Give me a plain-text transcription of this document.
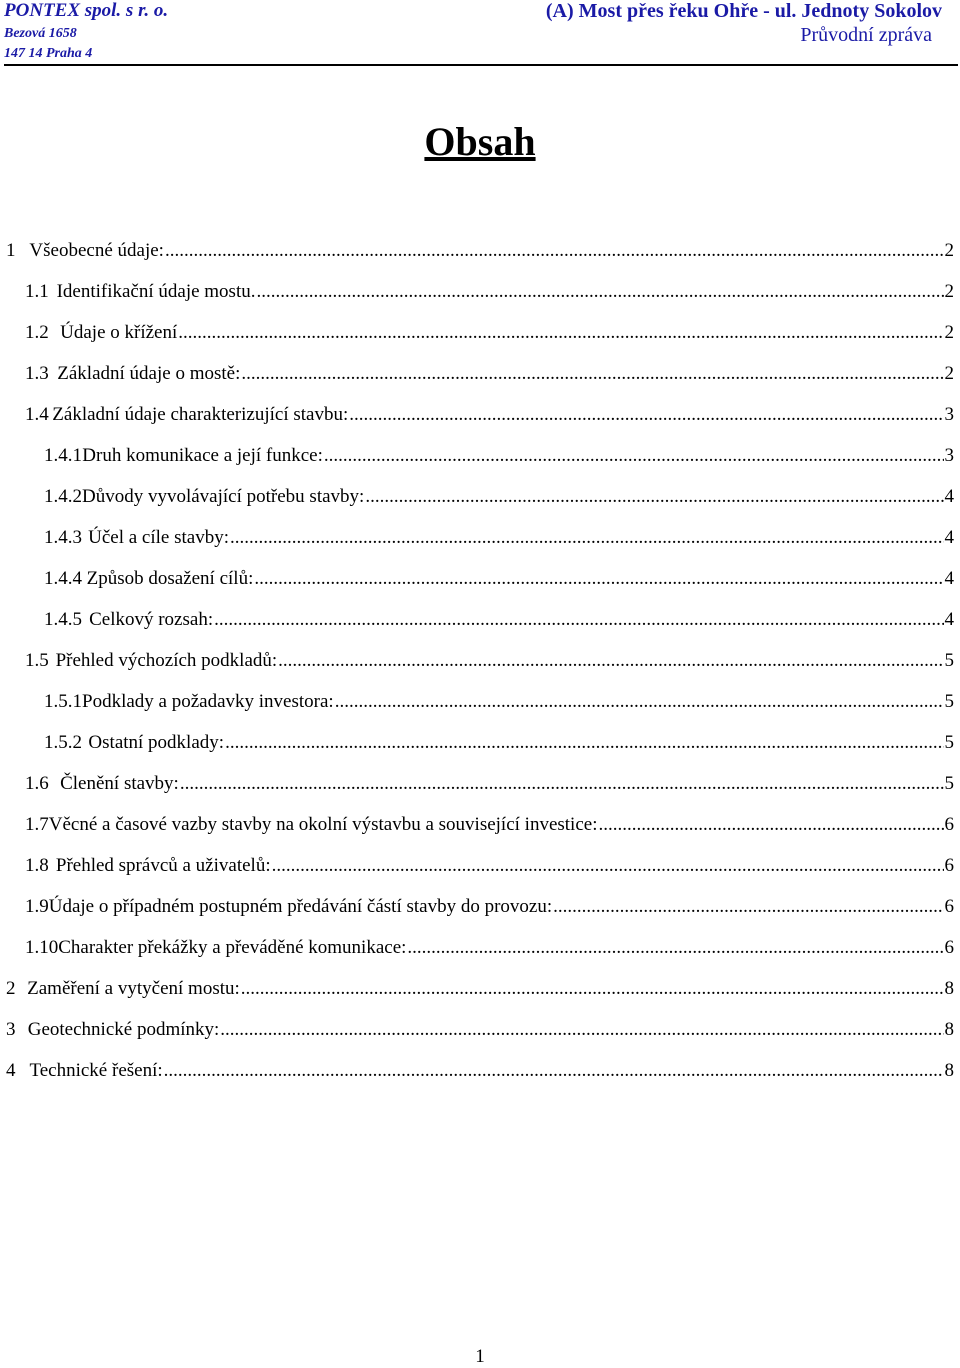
PONTEX spol. s r. o.
Bezová 1658
147 14 Praha 4
(A) Most přes řeku Ohře - ul. Jednoty Sokolov
Průvodní zpráva
Obsah
1 Všeobecné údaje: .....	2
1.1 Identifikační údaje mostu. .....	2
1.2 Údaje o křížení .....	2
1.3 Základní údaje o mostě: .....	2
1.4 Základní údaje charakterizující stavbu: .....	3
1.4.1 Druh komunikace a její funkce: .....	3
1.4.2 Důvody vyvolávající potřebu stavby: .....	4
1.4.3 Účel a cíle stavby: .....	4
1.4.4 Způsob dosažení cílů: .....	4
1.4.5 Celkový rozsah: .....	4
1.5 Přehled výchozích podkladů: .....	5
1.5.1 Podklady a požadavky investora: .....	5
1.5.2 Ostatní podklady: .....	5
1.6 Členění stavby: .....	5
1.7 Věcné a časové vazby stavby na okolní výstavbu a související investice: .....	6
1.8 Přehled správců a uživatelů: .....	6
1.9 Údaje o případném postupném předávání částí stavby do provozu: .....	6
1.10 Charakter překážky a převáděné komunikace: .....	6
2 Zaměření a vytyčení mostu: .....	8
3 Geotechnické podmínky: .....	8
4 Technické řešení: .....	8
1
